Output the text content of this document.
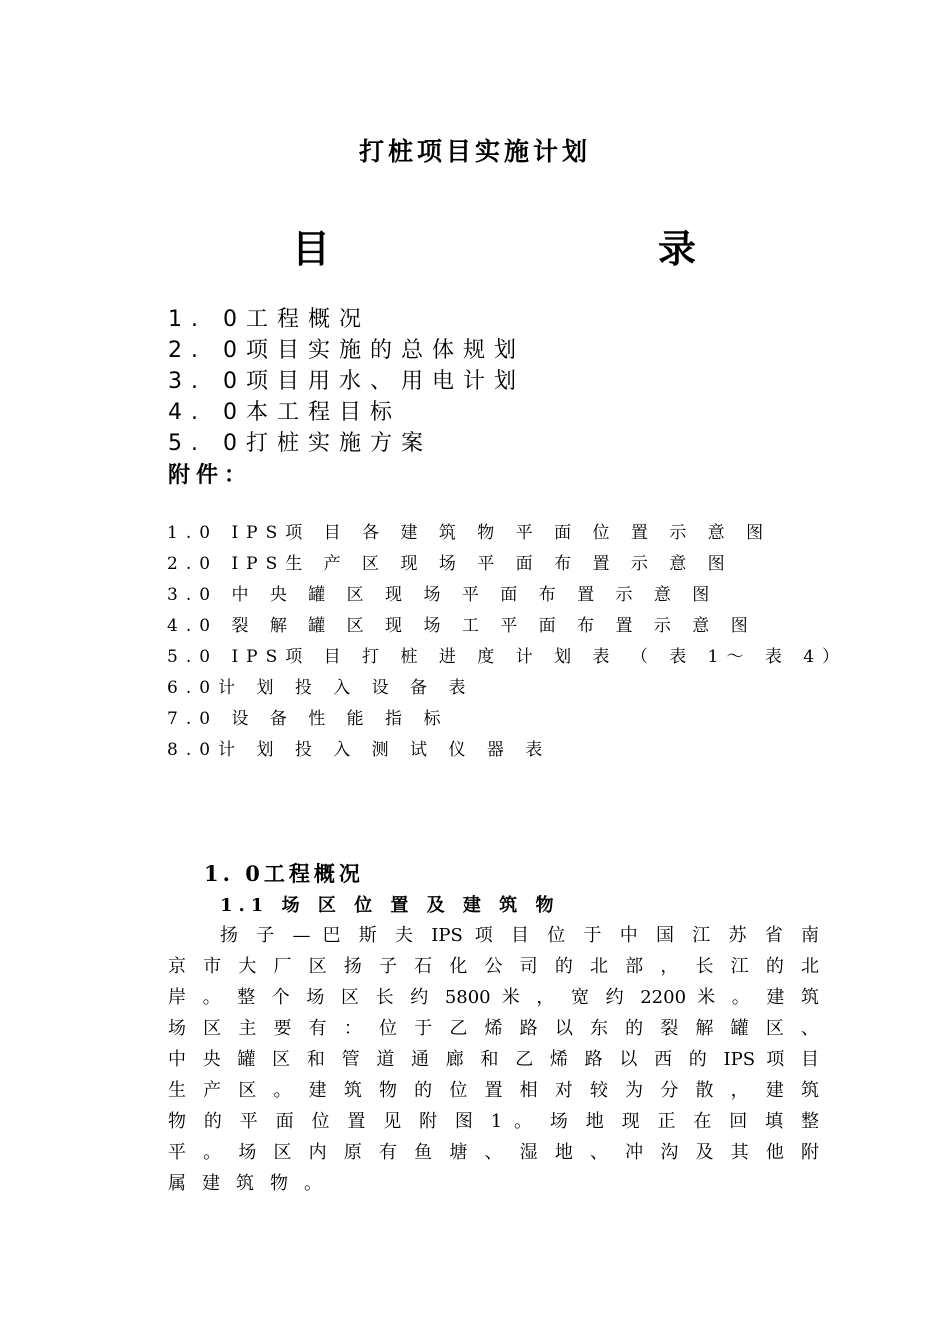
打桩项目实施计划
目	录
1. 0工程概况
2. 0项目实施的总体规划
3. 0项目用水、用电计划
4. 0本工程目标
5. 0打桩实施方案
附件：
1.0 IPS项 目 各 建 筑 物 平 面 位 置 示 意 图
2.0 IPS生 产 区 现 场 平 面 布 置 示 意 图
3.0 中 央 罐 区 现 场 平 面 布 置 示 意 图
4.0 裂 解 罐 区 现 场 工 平 面 布 置 示 意 图
5.0 IPS项 目 打 桩 进 度 计 划 表 （ 表 1～ 表 4）
6.0计 划 投 入 设 备 表
7.0 设 备 性 能 指 标
8.0计 划 投 入 测 试 仪 器 表
1. 0工程概况
1.1 场 区 位 置 及 建 筑 物
扬 子 — 巴 斯 夫 IPS 项 目 位 于 中 国 江 苏 省 南
京 市 大 厂 区 扬 子 石 化 公 司 的 北 部 ， 长 江 的 北
岸 。 整 个 场 区 长 约 5800 米 ， 宽 约 2200 米 。 建 筑
场 区 主 要 有 ： 位 于 乙 烯 路 以 东 的 裂 解 罐 区 、
中 央 罐 区 和 管 道 通 廊 和 乙 烯 路 以 西 的 IPS 项 目
生 产 区 。 建 筑 物 的 位 置 相 对 较 为 分 散 ， 建 筑
物 的 平 面 位 置 见 附 图 1 。 场 地 现 正 在 回 填 整
平 。 场 区 内 原 有 鱼 塘 、 湿 地 、 冲 沟 及 其 他 附
属建筑物。
